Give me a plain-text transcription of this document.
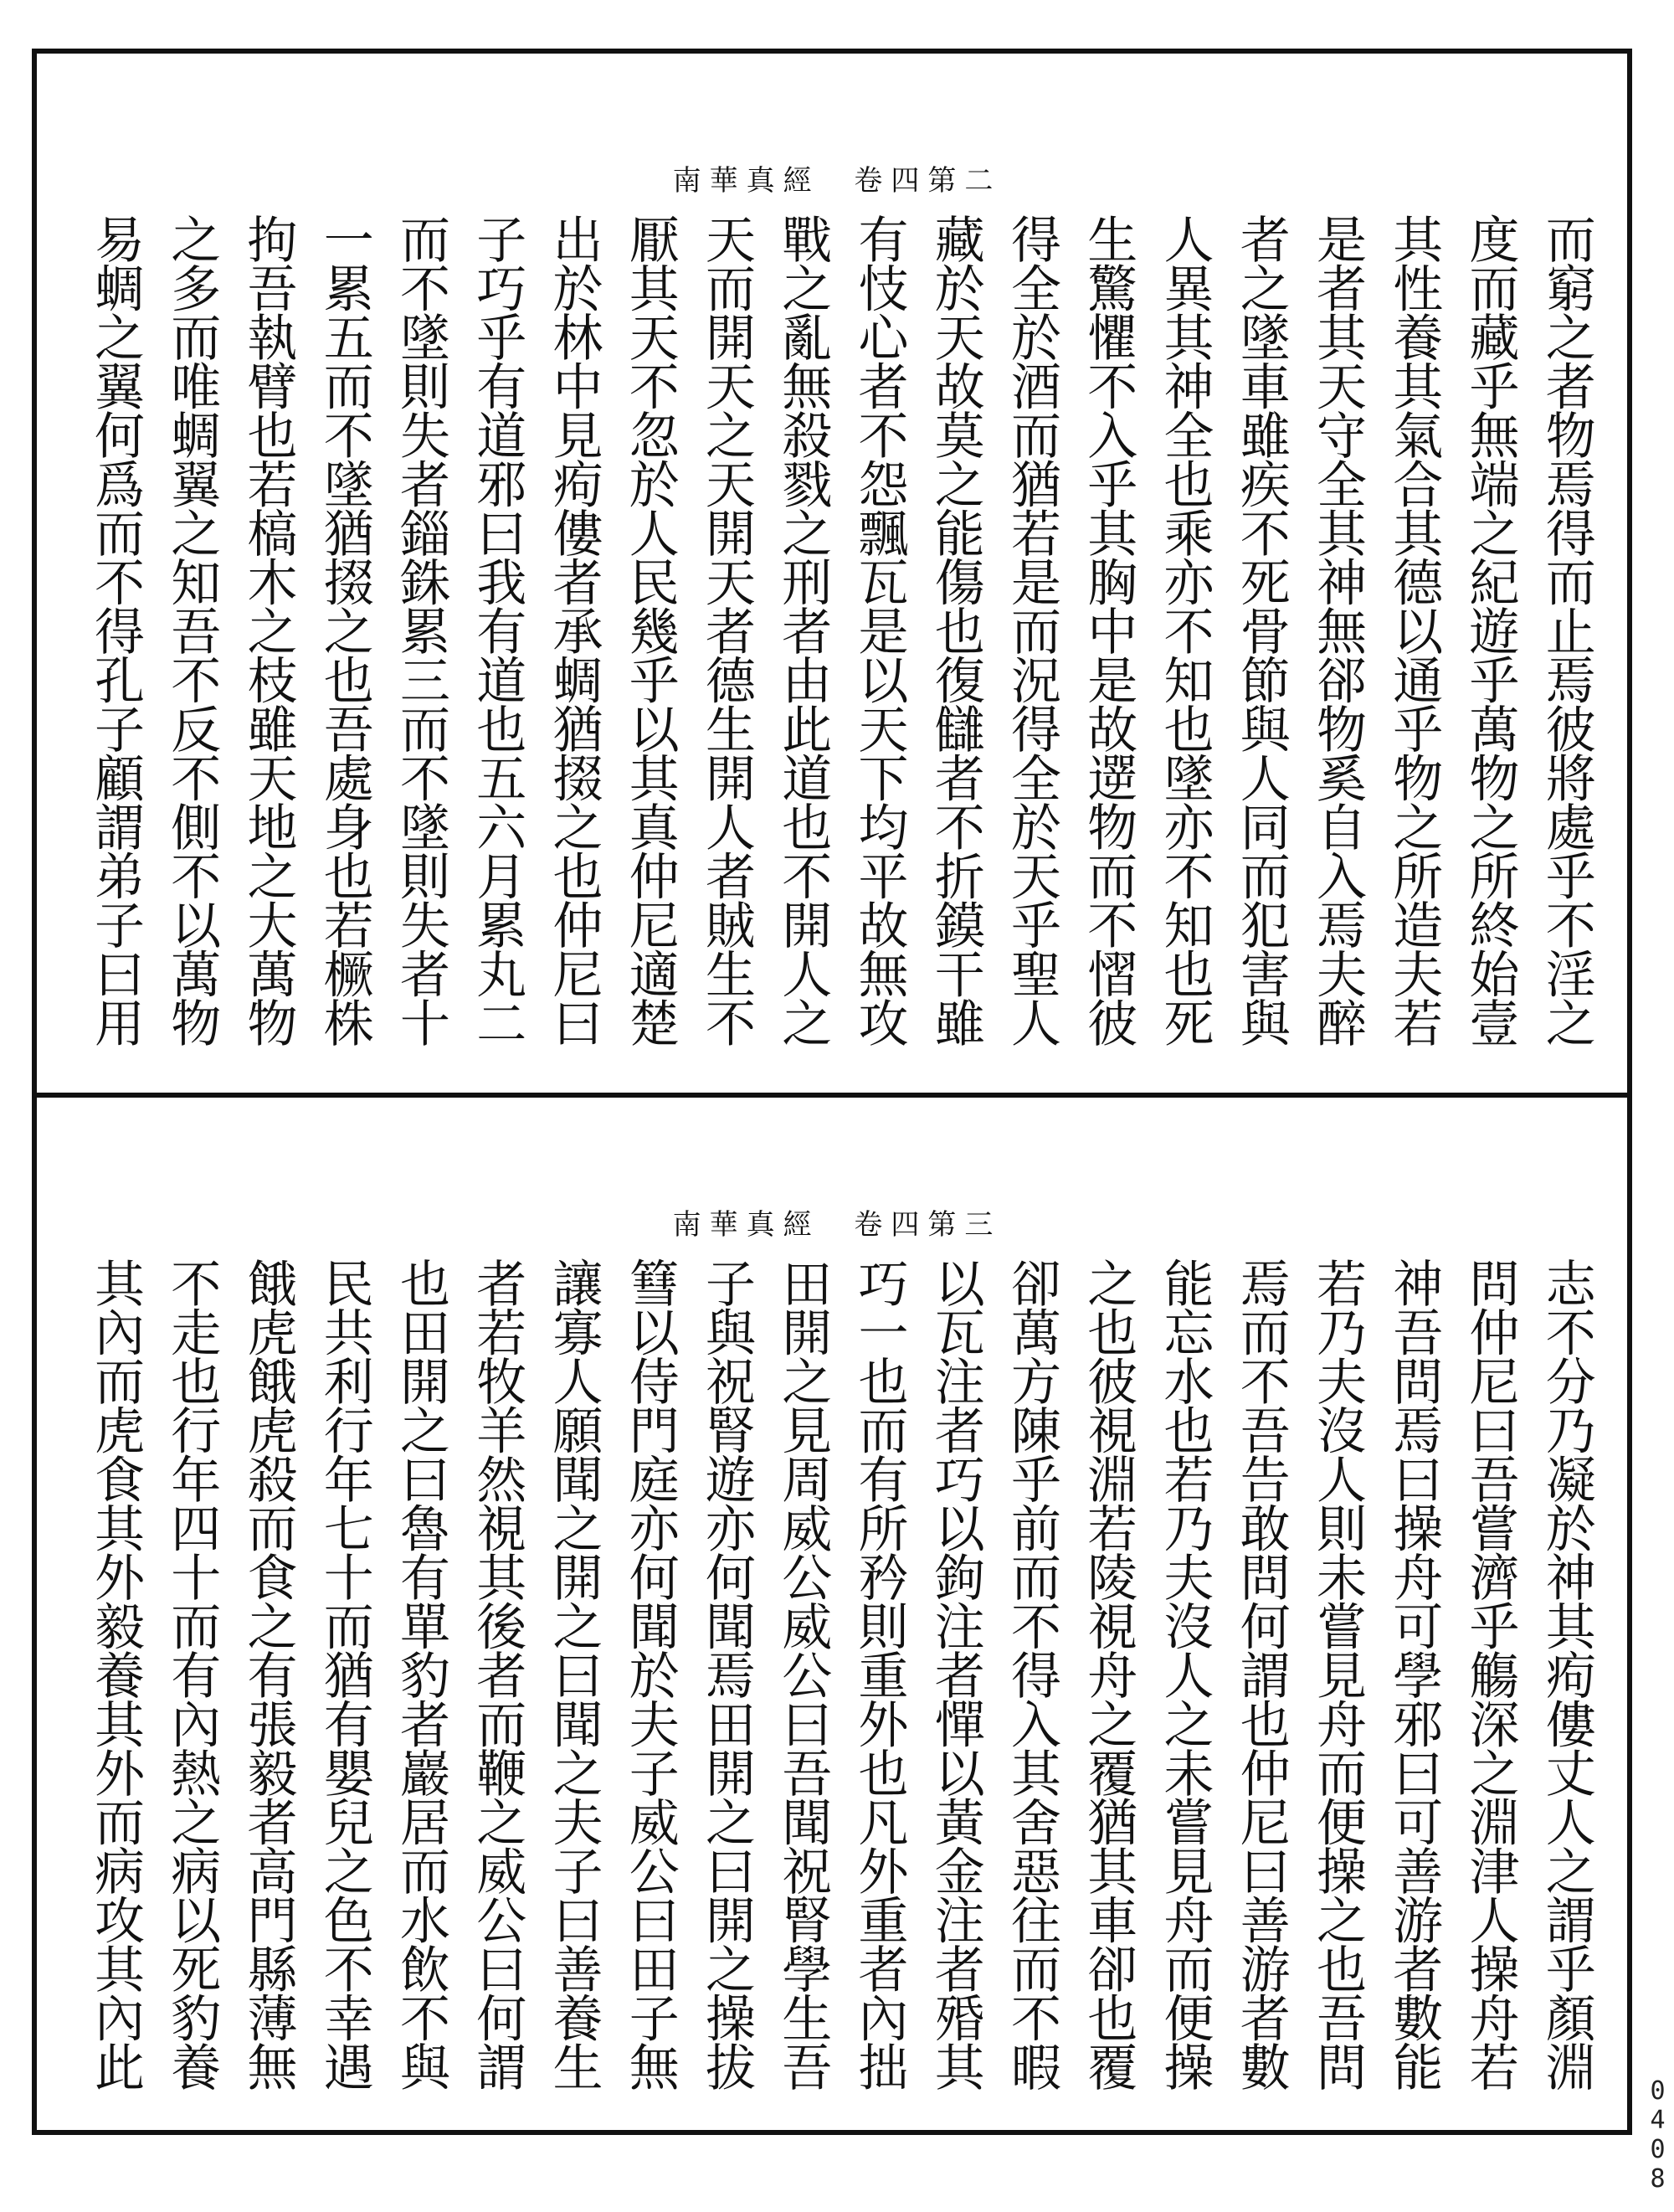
南華真經 卷四第二
而窮之者物焉得而止焉彼將處乎不淫之
度而藏乎無端之紀遊乎萬物之所終始壹
其性養其氣合其德以通乎物之所造夫若
是者其天守全其神無郤物奚自入焉夫醉
者之墜車雖疾不死骨節與人同而犯害與
人異其神全也乘亦不知也墜亦不知也死
生驚懼不入乎其胸中是故遻物而不慴彼
得全於酒而猶若是而況得全於天乎聖人
藏於天故莫之能傷也復讎者不折鏌干雖
有忮心者不怨飄瓦是以天下均平故無攻
戰之亂無殺戮之刑者由此道也不開人之
天而開天之天開天者德生開人者賊生不
厭其天不忽於人民幾乎以其真仲尼適楚
出於林中見痀僂者承蜩猶掇之也仲尼曰
子巧乎有道邪曰我有道也五六月累丸二
而不墜則失者錙銖累三而不墜則失者十
一累五而不墜猶掇之也吾處身也若橛株
拘吾執臂也若槁木之枝雖天地之大萬物
之多而唯蜩翼之知吾不反不側不以萬物
易蜩之翼何爲而不得孔子顧謂弟子曰用
南華真經 卷四第三
志不分乃凝於神其痀僂丈人之謂乎顏淵
問仲尼曰吾嘗濟乎觴深之淵津人操舟若
神吾問焉曰操舟可學邪曰可善游者數能
若乃夫沒人則未嘗見舟而便操之也吾問
焉而不吾告敢問何謂也仲尼曰善游者數
能忘水也若乃夫沒人之未嘗見舟而便操
之也彼視淵若陵視舟之覆猶其車卻也覆
卻萬方陳乎前而不得入其舍惡往而不暇
以瓦注者巧以鉤注者憚以黃金注者殙其
巧一也而有所矜則重外也凡外重者內拙
田開之見周威公威公曰吾聞祝腎學生吾
子與祝腎遊亦何聞焉田開之曰開之操拔
篲以侍門庭亦何聞於夫子威公曰田子無
讓寡人願聞之開之曰聞之夫子曰善養生
者若牧羊然視其後者而鞭之威公曰何謂
也田開之曰魯有單豹者巖居而水飲不與
民共利行年七十而猶有嬰兒之色不幸遇
餓虎餓虎殺而食之有張毅者高門縣薄無
不走也行年四十而有內熱之病以死豹養
其內而虎食其外毅養其外而病攻其內此
0408
